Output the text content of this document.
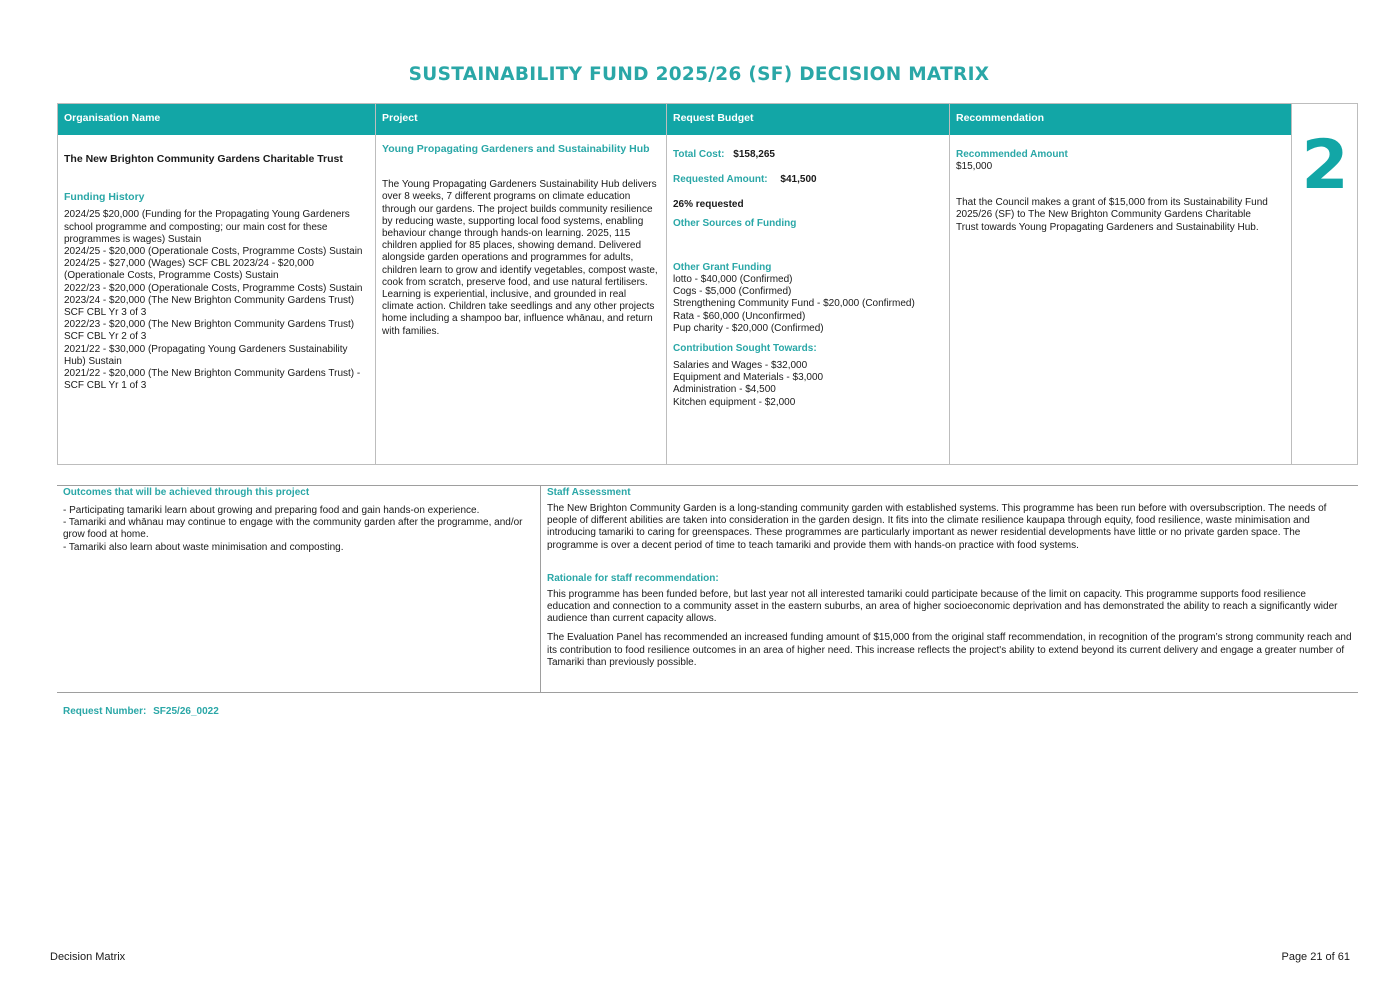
SUSTAINABILITY FUND 2025/26 (SF) DECISION MATRIX
Organisation Name
The New Brighton Community Gardens Charitable Trust
Funding History
2024/25 $20,000 (Funding for the Propagating Young Gardeners school programme and composting; our main cost for these programmes is wages) Sustain
2024/25 - $20,000 (Operationale Costs, Programme Costs) Sustain
2024/25 - $27,000 (Wages) SCF CBL 2023/24 - $20,000 (Operationale Costs, Programme Costs) Sustain
2022/23 - $20,000 (Operationale Costs, Programme Costs) Sustain 2023/24 - $20,000 (The New Brighton Community Gardens Trust) SCF CBL Yr 3 of 3
2022/23 - $20,000 (The New Brighton Community Gardens Trust) SCF CBL Yr 2 of 3
2021/22 - $30,000 (Propagating Young Gardeners Sustainability Hub) Sustain
2021/22 - $20,000 (The New Brighton Community Gardens Trust) - SCF CBL Yr 1 of 3
Project
Young Propagating Gardeners and Sustainability Hub
The Young Propagating Gardeners Sustainability Hub delivers over 8 weeks, 7 different programs on climate education through our gardens. The project builds community resilience by reducing waste, supporting local food systems, enabling behaviour change through hands-on learning. 2025, 115 children applied for 85 places, showing demand. Delivered alongside garden operations and programmes for adults, children learn to grow and identify vegetables, compost waste, cook from scratch, preserve food, and use natural fertilisers. Learning is experiential, inclusive, and grounded in real climate action. Children take seedlings and any other projects home including a shampoo bar, influence whānau, and return with families.
Request Budget
Total Cost: $158,265
Requested Amount: $41,500
26% requested
Other Sources of Funding
Other Grant Funding
lotto - $40,000 (Confirmed)
Cogs - $5,000 (Confirmed)
Strengthening Community Fund - $20,000 (Confirmed)
Rata - $60,000 (Unconfirmed)
Pup charity - $20,000 (Confirmed)
Contribution Sought Towards:
Salaries and Wages - $32,000
Equipment and Materials - $3,000
Administration - $4,500
Kitchen equipment - $2,000
Recommendation
Recommended Amount
$15,000
That the Council makes a grant of $15,000 from its Sustainability Fund 2025/26 (SF) to The New Brighton Community Gardens Charitable Trust towards Young Propagating Gardeners and Sustainability Hub.
2
Outcomes that will be achieved through this project

- Participating tamariki learn about growing and preparing food and gain hands-on experience.

- Tamariki and whānau may continue to engage with the community garden after the programme, and/or grow food at home.

- Tamariki also learn about waste minimisation and composting.

Staff Assessment

The New Brighton Community Garden is a long-standing community garden with established systems. This programme has been run before with oversubscription. The needs of people of different abilities are taken into consideration in the garden design. It fits into the climate resilience kaupapa through equity, food resilience, waste minimisation and introducing tamariki to caring for greenspaces. These programmes are particularly important as newer residential developments have little or no private garden space. The programme is over a decent period of time to teach tamariki and provide them with hands-on practice with food systems.

Rationale for staff recommendation:

This programme has been funded before, but last year not all interested tamariki could participate because of the limit on capacity. This programme supports food resilience education and connection to a community asset in the eastern suburbs, an area of higher socioeconomic deprivation and has demonstrated the ability to reach a significantly wider audience than current capacity allows.

The Evaluation Panel has recommended an increased funding amount of $15,000 from the original staff recommendation, in recognition of the program’s strong community reach and its contribution to food resilience outcomes in an area of higher need. This increase reflects the project's ability to extend beyond its current delivery and engage a greater number of Tamariki than previously possible.

Request Number: SF25/26_0022
Decision Matrix	Page 21 of 61
